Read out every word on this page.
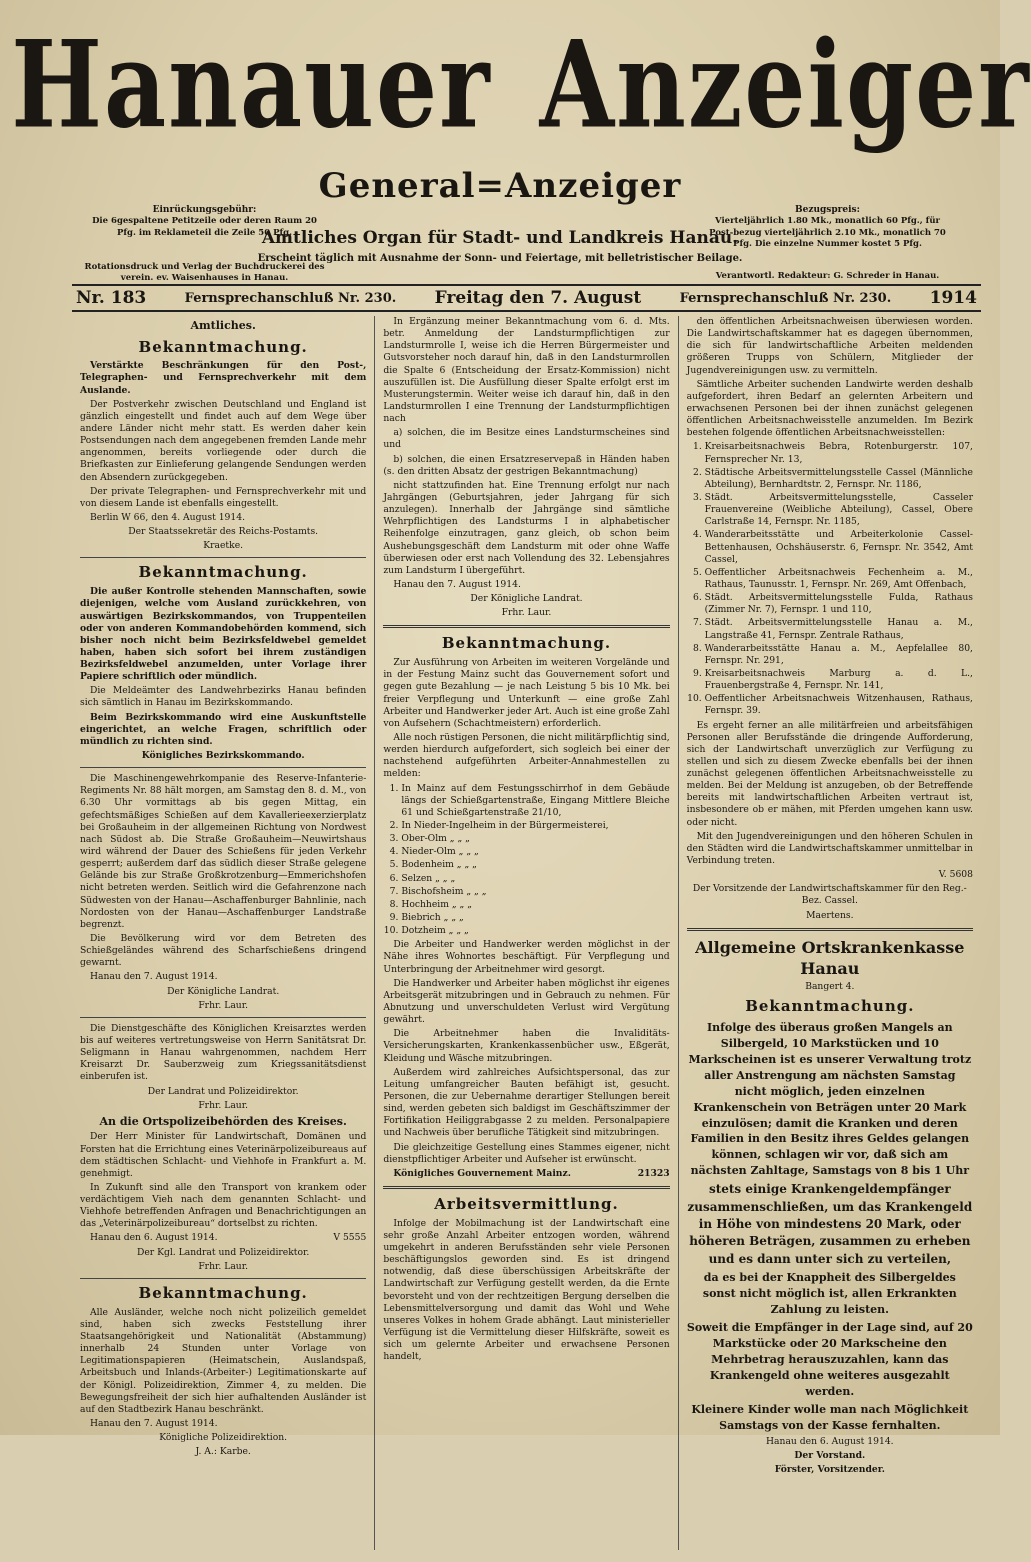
Hanauer Anzeiger
Einrückungsgebühr:
Die 6gespaltene Petitzeile oder deren Raum 20 Pfg. im Reklameteil die Zeile 50 Pfg.
Rotationsdruck und Verlag der Buchdruckerei des verein. ev. Waisenhauses in Hanau.
Bezugspreis:
Vierteljährlich 1.80 Mk., monatlich 60 Pfg., für Post-bezug vierteljährlich 2.10 Mk., monatlich 70 Pfg. Die einzelne Nummer kostet 5 Pfg.
Verantwortl. Redakteur: G. Schreder in Hanau.
General=Anzeiger
Amtliches Organ für Stadt- und Landkreis Hanau.
Erscheint täglich mit Ausnahme der Sonn- und Feiertage, mit belletristischer Beilage.
Nr. 183	Fernsprechanschluß Nr. 230. Freitag den 7. August	Fernsprechanschluß Nr. 230. 1914
Amtliches.
Bekanntmachung.

Verstärkte Beschränkungen für den Post-, Telegraphen- und Fernsprechverkehr mit dem Auslande.

Der Postverkehr zwischen Deutschland und England ist gänzlich eingestellt und findet auch auf dem Wege über andere Länder nicht mehr statt. Es werden daher kein Postsendungen nach dem angegebenen fremden Lande mehr angenommen, bereits vorliegende oder durch die Briefkasten zur Einlieferung gelangende Sendungen werden den Absendern zurückgegeben.

Der private Telegraphen- und Fernsprechverkehr mit und von diesem Lande ist ebenfalls eingestellt.

Berlin W 66, den 4. August 1914.

Der Staatssekretär des Reichs-Postamts.

Kraetke.

Bekanntmachung.

Die außer Kontrolle stehenden Mannschaften, sowie diejenigen, welche vom Ausland zurückkehren, von auswärtigen Bezirkskommandos, von Truppenteilen oder von anderen Kommandobehörden kommend, sich bisher noch nicht beim Bezirksfeldwebel gemeldet haben, haben sich sofort bei ihrem zuständigen Bezirksfeldwebel anzumelden, unter Vorlage ihrer Papiere schriftlich oder mündlich.

Die Meldeämter des Landwehrbezirks Hanau befinden sich sämtlich in Hanau im Bezirkskommando.

Beim Bezirkskommando wird eine Auskunftstelle eingerichtet, an welche Fragen, schriftlich oder mündlich zu richten sind.

Königliches Bezirkskommando.

Die Maschinengewehrkompanie des Reserve-Infanterie-Regiments Nr. 88 hält morgen, am Samstag den 8. d. M., von 6.30 Uhr vormittags ab bis gegen Mittag, ein gefechtsmäßiges Schießen auf dem Kavallerieexerzierplatz bei Großauheim in der allgemeinen Richtung von Nordwest nach Südost ab. Die Straße Großauheim—Neuwirtshaus wird während der Dauer des Schießens für jeden Verkehr gesperrt; außerdem darf das südlich dieser Straße gelegene Gelände bis zur Straße Großkrotzenburg—Emmerichshofen nicht betreten werden. Seitlich wird die Gefahrenzone nach Südwesten von der Hanau—Aschaffenburger Bahnlinie, nach Nordosten von der Hanau—Aschaffenburger Landstraße begrenzt.

Die Bevölkerung wird vor dem Betreten des Schießgeländes während des Scharfschießens dringend gewarnt.

Hanau den 7. August 1914.

Der Königliche Landrat.

Frhr. Laur.

Die Dienstgeschäfte des Königlichen Kreisarztes werden bis auf weiteres vertretungsweise von Herrn Sanitätsrat Dr. Seligmann in Hanau wahrgenommen, nachdem Herr Kreisarzt Dr. Sauberzweig zum Kriegssanitätsdienst einberufen ist.

Der Landrat und Polizeidirektor.

Frhr. Laur.

An die Ortspolizeibehörden des Kreises.

Der Herr Minister für Landwirtschaft, Domänen und Forsten hat die Errichtung eines Veterinärpolizeibureaus auf dem städtischen Schlacht- und Viehhofe in Frankfurt a. M. genehmigt.

In Zukunft sind alle den Transport von krankem oder verdächtigem Vieh nach dem genannten Schlacht- und Viehhofe betreffenden Anfragen und Benachrichtigungen an das „Veterinärpolizeibureau“ dortselbst zu richten.

Hanau den 6. August 1914.	V 5555

Der Kgl. Landrat und Polizeidirektor.

Frhr. Laur.

Bekanntmachung.

Alle Ausländer, welche noch nicht polizeilich gemeldet sind, haben sich zwecks Feststellung ihrer Staatsangehörigkeit und Nationalität (Abstammung) innerhalb 24 Stunden unter Vorlage von Legitimationspapieren (Heimatschein, Auslandspaß, Arbeitsbuch und Inlands-(Arbeiter-) Legitimationskarte auf der Königl. Polizeidirektion, Zimmer 4, zu melden. Die Bewegungsfreiheit der sich hier aufhaltenden Ausländer ist auf den Stadtbezirk Hanau beschränkt.

Hanau den 7. August 1914.

Königliche Polizeidirektion.

J. A.: Karbe.

In Ergänzung meiner Bekanntmachung vom 6. d. Mts. betr. Anmeldung der Landsturmpflichtigen zur Landsturmrolle I, weise ich die Herren Bürgermeister und Gutsvorsteher noch darauf hin, daß in den Landsturmrollen die Spalte 6 (Entscheidung der Ersatz-Kommission) nicht auszufüllen ist. Die Ausfüllung dieser Spalte erfolgt erst im Musterungstermin. Weiter weise ich darauf hin, daß in den Landsturmrollen I eine Trennung der Landsturmpflichtigen nach

a) solchen, die im Besitze eines Landsturmscheines sind und

b) solchen, die einen Ersatzreservepaß in Händen haben (s. den dritten Absatz der gestrigen Bekanntmachung)

nicht stattzufinden hat. Eine Trennung erfolgt nur nach Jahrgängen (Geburtsjahren, jeder Jahrgang für sich anzulegen). Innerhalb der Jahrgänge sind sämtliche Wehrpflichtigen des Landsturms I in alphabetischer Reihenfolge einzutragen, ganz gleich, ob schon beim Aushebungsgeschäft dem Landsturm mit oder ohne Waffe überwiesen oder erst nach Vollendung des 32. Lebensjahres zum Landsturm I übergeführt.

Hanau den 7. August 1914.

Der Königliche Landrat.

Frhr. Laur.

Bekanntmachung.

Zur Ausführung von Arbeiten im weiteren Vorgelände und in der Festung Mainz sucht das Gouvernement sofort und gegen gute Bezahlung — je nach Leistung 5 bis 10 Mk. bei freier Verpflegung und Unterkunft — eine große Zahl Arbeiter und Handwerker jeder Art. Auch ist eine große Zahl von Aufsehern (Schachtmeistern) erforderlich.

Alle noch rüstigen Personen, die nicht militärpflichtig sind, werden hierdurch aufgefordert, sich sogleich bei einer der nachstehend aufgeführten Arbeiter-Annahmestellen zu melden:

1. In Mainz auf dem Festungsschirrhof in dem Gebäude längs der Schießgartenstraße, Eingang Mittlere Bleiche 61 und Schießgartenstraße 21/10,
2. In Nieder-Ingelheim in der Bürgermeisterei,
3. Ober-Olm „ „ „
4. Nieder-Olm „ „ „
5. Bodenheim „ „ „
6. Selzen „ „ „
7. Bischofsheim „ „ „
8. Hochheim „ „ „
9. Biebrich „ „ „
10. Dotzheim „ „ „

Die Arbeiter und Handwerker werden möglichst in der Nähe ihres Wohnortes beschäftigt. Für Verpflegung und Unterbringung der Arbeitnehmer wird gesorgt.

Die Handwerker und Arbeiter haben möglichst ihr eigenes Arbeitsgerät mitzubringen und in Gebrauch zu nehmen. Für Abnutzung und unverschuldeten Verlust wird Vergütung gewährt.

Die Arbeitnehmer haben die Invaliditäts-Versicherungskarten, Krankenkassenbücher usw., Eßgerät, Kleidung und Wäsche mitzubringen.

Außerdem wird zahlreiches Aufsichtspersonal, das zur Leitung umfangreicher Bauten befähigt ist, gesucht. Personen, die zur Uebernahme derartiger Stellungen bereit sind, werden gebeten sich baldigst im Geschäftszimmer der Fortifikation Heiliggrabgasse 2 zu melden. Personalpapiere und Nachweis über berufliche Tätigkeit sind mitzubringen.

Die gleichzeitige Gestellung eines Stammes eigener, nicht dienstpflichtiger Arbeiter und Aufseher ist erwünscht.

Königliches Gouvernement Mainz.	21323

Arbeitsvermittlung.

Infolge der Mobilmachung ist der Landwirtschaft eine sehr große Anzahl Arbeiter entzogen worden, während umgekehrt in anderen Berufsständen sehr viele Personen beschäftigungslos geworden sind. Es ist dringend notwendig, daß diese überschüssigen Arbeitskräfte der Landwirtschaft zur Verfügung gestellt werden, da die Ernte bevorsteht und von der rechtzeitigen Bergung derselben die Lebensmittelversorgung und damit das Wohl und Wehe unseres Volkes in hohem Grade abhängt. Laut ministerieller Verfügung ist die Vermittelung dieser Hilfskräfte, soweit es sich um gelernte Arbeiter und erwachsene Personen handelt,

den öffentlichen Arbeitsnachweisen überwiesen worden. Die Landwirtschaftskammer hat es dagegen übernommen, die sich für landwirtschaftliche Arbeiten meldenden größeren Trupps von Schülern, Mitglieder der Jugendvereinigungen usw. zu vermitteln.

Sämtliche Arbeiter suchenden Landwirte werden deshalb aufgefordert, ihren Bedarf an gelernten Arbeitern und erwachsenen Personen bei der ihnen zunächst gelegenen öffentlichen Arbeitsnachweisstelle anzumelden. Im Bezirk bestehen folgende öffentlichen Arbeitsnachweisstellen:

1. Kreisarbeitsnachweis Bebra, Rotenburgerstr. 107, Fernsprecher Nr. 13,
2. Städtische Arbeitsvermittelungsstelle Cassel (Männliche Abteilung), Bernhardtstr. 2, Fernspr. Nr. 1186,
3. Städt. Arbeitsvermittelungsstelle, Casseler Frauenvereine (Weibliche Abteilung), Cassel, Obere Carlstraße 14, Fernspr. Nr. 1185,
4. Wanderarbeitsstätte und Arbeiterkolonie Cassel-Bettenhausen, Ochshäuserstr. 6, Fernspr. Nr. 3542, Amt Cassel,
5. Oeffentlicher Arbeitsnachweis Fechenheim a. M., Rathaus, Taunusstr. 1, Fernspr. Nr. 269, Amt Offenbach,
6. Städt. Arbeitsvermittelungsstelle Fulda, Rathaus (Zimmer Nr. 7), Fernspr. 1 und 110,
7. Städt. Arbeitsvermittelungsstelle Hanau a. M., Langstraße 41, Fernspr. Zentrale Rathaus,
8. Wanderarbeitsstätte Hanau a. M., Aepfelallee 80, Fernspr. Nr. 291,
9. Kreisarbeitsnachweis Marburg a. d. L., Frauenbergstraße 4, Fernspr. Nr. 141,
10. Oeffentlicher Arbeitsnachweis Witzenhausen, Rathaus, Fernspr. 39.

Es ergeht ferner an alle militärfreien und arbeitsfähigen Personen aller Berufsstände die dringende Aufforderung, sich der Landwirtschaft unverzüglich zur Verfügung zu stellen und sich zu diesem Zwecke ebenfalls bei der ihnen zunächst gelegenen öffentlichen Arbeitsnachweisstelle zu melden. Bei der Meldung ist anzugeben, ob der Betreffende bereits mit landwirtschaftlichen Arbeiten vertraut ist, insbesondere ob er mähen, mit Pferden umgehen kann usw. oder nicht.

Mit den Jugendvereinigungen und den höheren Schulen in den Städten wird die Landwirtschaftskammer unmittelbar in Verbindung treten.

V. 5608

Der Vorsitzende der Landwirtschaftskammer für den Reg.-Bez. Cassel.

Maertens.

Allgemeine Ortskrankenkasse Hanau

Bangert 4.

Bekanntmachung.

Infolge des überaus großen Mangels an Silbergeld, 10 Markstücken und 10 Markscheinen ist es unserer Verwaltung trotz aller Anstrengung am nächsten Samstag nicht möglich, jeden einzelnen Krankenschein von Beträgen unter 20 Mark einzulösen; damit die Kranken und deren Familien in den Besitz ihres Geldes gelangen können, schlagen wir vor, daß sich am nächsten Zahltage, Samstags von 8 bis 1 Uhr

stets einige Krankengeldempfänger zusammenschließen, um das Krankengeld in Höhe von mindestens 20 Mark, oder höheren Beträgen, zusammen zu erheben und es dann unter sich zu verteilen,

da es bei der Knappheit des Silbergeldes sonst nicht möglich ist, allen Erkrankten Zahlung zu leisten.

Soweit die Empfänger in der Lage sind, auf 20 Markstücke oder 20 Markscheine den Mehrbetrag herauszuzahlen, kann das Krankengeld ohne weiteres ausgezahlt werden.

Kleinere Kinder wolle man nach Möglichkeit Samstags von der Kasse fernhalten.

Hanau den 6. August 1914.

Der Vorstand.

Förster, Vorsitzender.
